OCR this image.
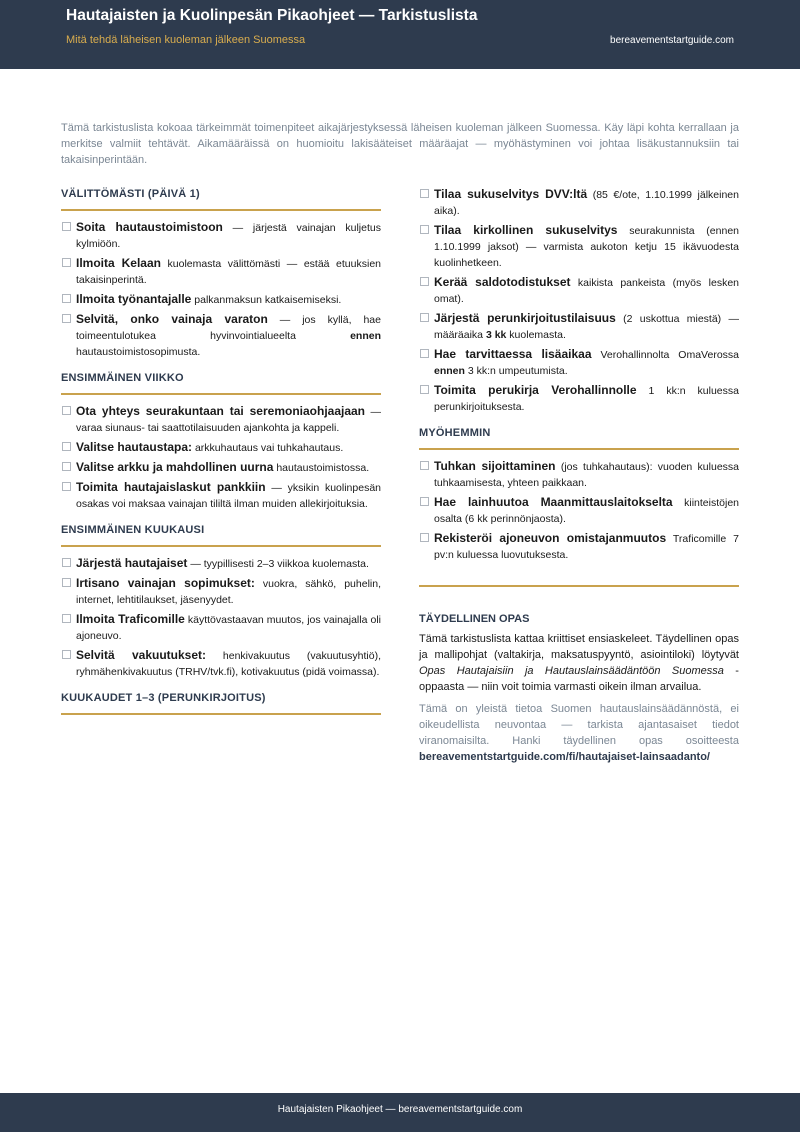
Hautajaisten ja Kuolinpesän Pikaohjeet — Tarkistuslista
Mitä tehdä läheisen kuoleman jälkeen Suomessa	bereavementstartguide.com
Tämä tarkistuslista kokoaa tärkeimmät toimenpiteet aikajärjestyksessä läheisen kuoleman jälkeen Suomessa. Käy läpi kohta kerrallaan ja merkitse valmiit tehtävät. Aikamääräissä on huomioitu lakisääteiset määräajat — myöhästyminen voi johtaa lisäkustannuksiin tai takaisinperintään.
VÄLITTÖMÄSTI (PÄIVÄ 1)
Soita hautaustoimistoon — järjestä vainajan kuljetus kylmiöön.
Ilmoita Kelaan kuolemasta välittömästi — estää etuuksien takaisinperintä.
Ilmoita työnantajalle palkanmaksun katkaisemiseksi.
Selvitä, onko vainaja varaton — jos kyllä, hae toimeentulotukea hyvinvointialueelta ennen hautaustoimistosopimusta.
ENSIMMÄINEN VIIKKO
Ota yhteys seurakuntaan tai seremoniaohjaajaan — varaa siunaus- tai saattotilaisuuden ajankohta ja kappeli.
Valitse hautaustapa: arkkuhautaus vai tuhkahautaus.
Valitse arkku ja mahdollinen uurna hautaustoimistossa.
Toimita hautajaislaskut pankkiin — yksikin kuolinpesän osakas voi maksaa vainajan tililtä ilman muiden allekirjoituksia.
ENSIMMÄINEN KUUKAUSI
Järjestä hautajaiset — tyypillisesti 2–3 viikkoa kuolemasta.
Irtisano vainajan sopimukset: vuokra, sähkö, puhelin, internet, lehtitilaukset, jäsenyydet.
Ilmoita Traficomille käyttövastaavan muutos, jos vainajalla oli ajoneuvo.
Selvitä vakuutukset: henkivakuutus (vakuutusyhtiö), ryhmähenkivakuutus (TRHV/tvk.fi), kotivakuutus (pidä voimassa).
KUUKAUDET 1–3 (PERUNKIRJOITUS)
Tilaa sukuselvitys DVV:ltä (85 €/ote, 1.10.1999 jälkeinen aika).
Tilaa kirkollinen sukuselvitys seurakunnista (ennen 1.10.1999 jaksot) — varmista aukoton ketju 15 ikävuodesta kuolinhetkeen.
Kerää saldotodistukset kaikista pankeista (myös lesken omat).
Järjestä perunkirjoitustilaisuus (2 uskottua miestä) — määräaika 3 kk kuolemasta.
Hae tarvittaessa lisäaikaa Verohallinnolta OmaVerossa ennen 3 kk:n umpeutumista.
Toimita perukirja Verohallinnolle 1 kk:n kuluessa perunkirjoituksesta.
MYÖHEMMIN
Tuhkan sijoittaminen (jos tuhkahautaus): vuoden kuluessa tuhkaamisesta, yhteen paikkaan.
Hae lainhuutoa Maanmittauslaitokselta kiinteistöjen osalta (6 kk perinnönjaosta).
Rekisteröi ajoneuvon omistajanmuutos Traficomille 7 pv:n kuluessa luovutuksesta.
TÄYDELLINEN OPAS
Tämä tarkistuslista kattaa kriittiset ensiaskeleet. Täydellinen opas ja mallipohjat (valtakirja, maksatuspyyntö, asiointiloki) löytyvät Opas Hautajaisiin ja Hautauslainsäädäntöön Suomessa -oppaasta — niin voit toimia varmasti oikein ilman arvailua.
Tämä on yleistä tietoa Suomen hautauslainsäädännöstä, ei oikeudellista neuvontaa — tarkista ajantasaiset tiedot viranomaisilta. Hanki täydellinen opas osoitteesta bereavementstartguide.com/fi/hautajaiset-lainsaadanto/
Hautajaisten Pikaohjeet — bereavementstartguide.com
